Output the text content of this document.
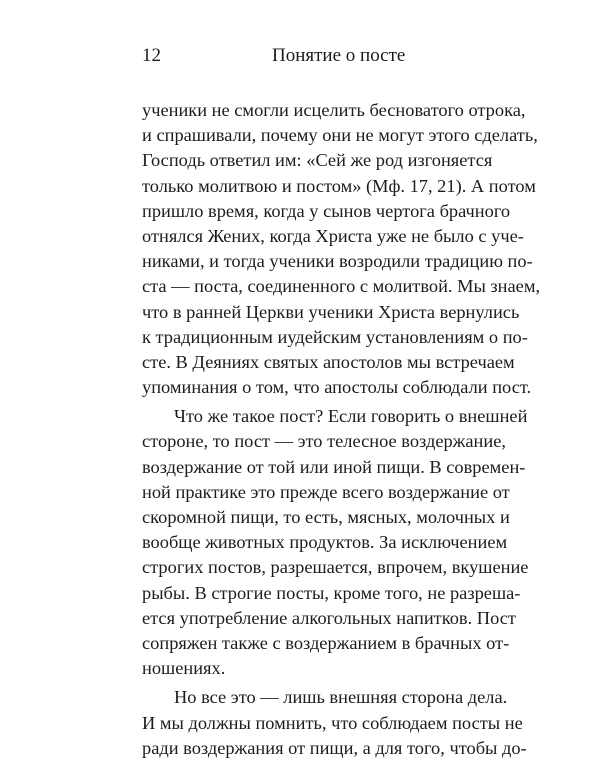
12	Понятие о посте
ученики не смогли исцелить бесноватого отрока,
и спрашивали, почему они не могут этого сделать,
Господь ответил им: «Сей же род изгоняется
только молитвою и постом» (Мф. 17, 21). А потом
пришло время, когда у сынов чертога брачного
отнялся Жених, когда Христа уже не было с уче-
никами, и тогда ученики возродили традицию по-
ста — поста, соединенного с молитвой. Мы знаем,
что в ранней Церкви ученики Христа вернулись
к традиционным иудейским установлениям о по-
сте. В Деяниях святых апостолов мы встречаем
упоминания о том, что апостолы соблюдали пост.
Что же такое пост? Если говорить о внешней
стороне, то пост — это телесное воздержание,
воздержание от той или иной пищи. В современ-
ной практике это прежде всего воздержание от
скоромной пищи, то есть, мясных, молочных и
вообще животных продуктов. За исключением
строгих постов, разрешается, впрочем, вкушение
рыбы. В строгие посты, кроме того, не разреша-
ется употребление алкогольных напитков. Пост
сопряжен также с воздержанием в брачных от-
ношениях.
Но все это — лишь внешняя сторона дела.
И мы должны помнить, что соблюдаем посты не
ради воздержания от пищи, а для того, чтобы до-
